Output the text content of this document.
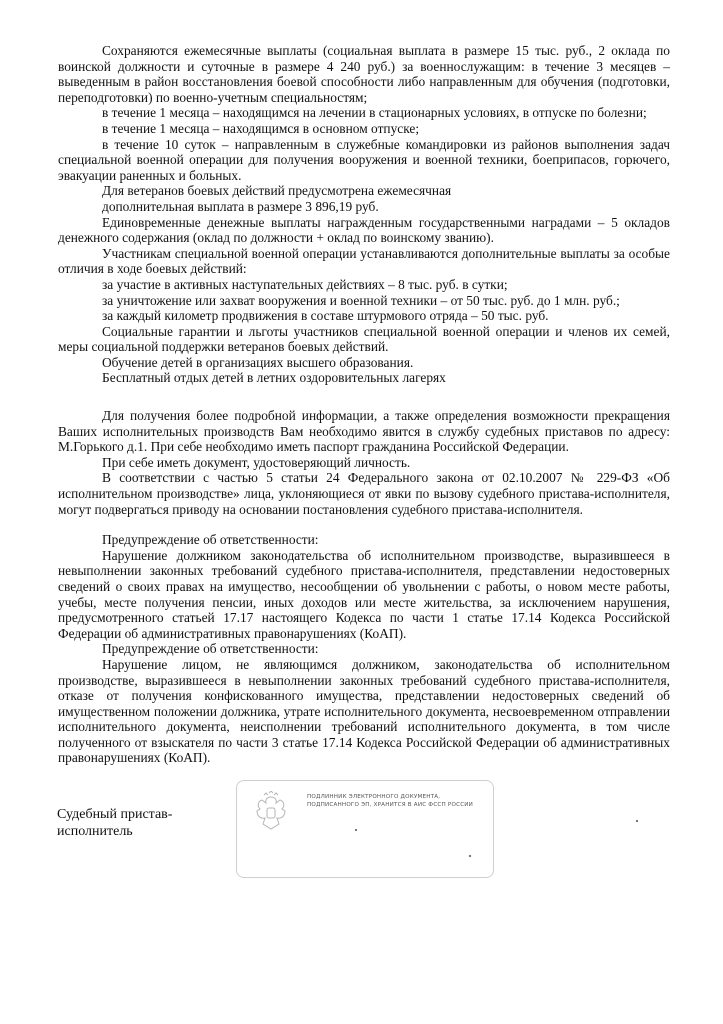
Сохраняются ежемесячные выплаты (социальная выплата в размере 15 тыс. руб., 2 оклада по воинской должности и суточные в размере 4 240 руб.) за военнослужащим: в течение 3 месяцев – выведенным в район восстановления боевой способности либо направленным для обучения (подготовки, переподготовки) по военно-учетным специальностям;

в течение 1 месяца – находящимся на лечении в стационарных условиях, в отпуске по болезни;

в течение 1 месяца – находящимся в основном отпуске;

в течение 10 суток – направленным в служебные командировки из районов выполнения задач специальной военной операции для получения вооружения и военной техники, боеприпасов, горючего, эвакуации раненных и больных.

Для ветеранов боевых действий предусмотрена ежемесячная

дополнительная выплата в размере 3 896,19 руб.

Единовременные денежные выплаты награжденным государственными наградами – 5 окладов денежного содержания (оклад по должности + оклад по воинскому званию).

Участникам специальной военной операции устанавливаются дополнительные выплаты за особые отличия в ходе боевых действий:

за участие в активных наступательных действиях – 8 тыс. руб. в сутки;

за уничтожение или захват вооружения и военной техники – от 50 тыс. руб. до 1 млн. руб.;

за каждый километр продвижения в составе штурмового отряда – 50 тыс. руб.

Социальные гарантии и льготы участников специальной военной операции и членов их семей, меры социальной поддержки ветеранов боевых действий.

Обучение детей в организациях высшего образования.

Бесплатный отдых детей в летних оздоровительных лагерях

Для получения более подробной информации, а также определения возможности прекращения Ваших исполнительных производств Вам необходимо явится в службу судебных приставов по адресу: М.Горького д.1. При себе необходимо иметь паспорт гражданина Российской Федерации.

При себе иметь документ, удостоверяющий личность.

В соответствии с частью 5 статьи 24 Федерального закона от 02.10.2007 № 229-ФЗ «Об исполнительном производстве» лица, уклоняющиеся от явки по вызову судебного пристава-исполнителя, могут подвергаться приводу на основании постановления судебного пристава-исполнителя.

Предупреждение об ответственности:

Нарушение должником законодательства об исполнительном производстве, выразившееся в невыполнении законных требований судебного пристава-исполнителя, представлении недостоверных сведений о своих правах на имущество, несообщении об увольнении с работы, о новом месте работы, учебы, месте получения пенсии, иных доходов или месте жительства, за исключением нарушения, предусмотренного статьей 17.17 настоящего Кодекса по части 1 статье 17.14 Кодекса Российской Федерации об административных правонарушениях (КоАП).

Предупреждение об ответственности:

Нарушение лицом, не являющимся должником, законодательства об исполнительном производстве, выразившееся в невыполнении законных требований судебного пристава-исполнителя, отказе от получения конфискованного имущества, представлении недостоверных сведений об имущественном положении должника, утрате исполнительного документа, несвоевременном отправлении исполнительного документа, неисполнении требований исполнительного документа, в том числе полученного от взыскателя по части 3 статье 17.14 Кодекса Российской Федерации об административных правонарушениях (КоАП).

Судебный пристав-
исполнитель
ПОДЛИННИК ЭЛЕКТРОННОГО ДОКУМЕНТА,
ПОДПИСАННОГО ЭП, ХРАНИТСЯ В АИС ФССП РОССИИ
